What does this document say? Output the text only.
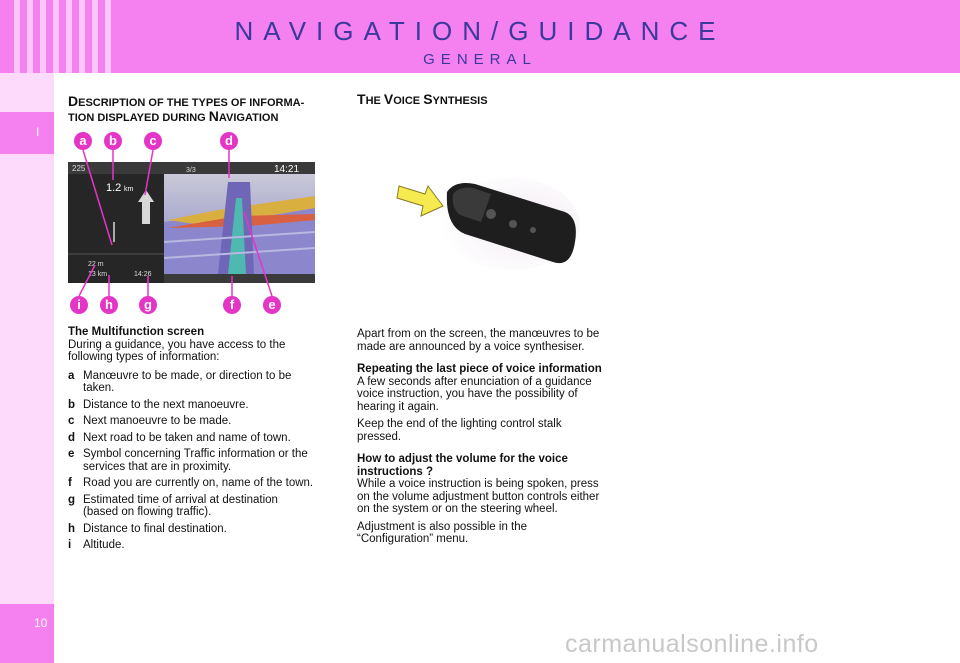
NAVIGATION/GUIDANCE
GENERAL
I
10
DESCRIPTION OF THE TYPES OF INFORMA-
TION DISPLAYED DURING NAVIGATION
a	b	c	d
225
1.2 km
14:21
3/3
22 m
13 km	14:26
i	h	g	f	e

The Multifunction screen
During a guidance, you have access to the following types of information:

a Manœuvre to be made, or direction to be taken.
b Distance to the next manoeuvre.
c Next manoeuvre to be made.
d Next road to be taken and name of town.
e Symbol concerning Traffic information or the services that are in proximity.
f Road you are currently on, name of the town.
g Estimated time of arrival at destination (based on flowing traffic).
h Distance to final destination.
i	Altitude.
THE VOICE SYNTHESIS

Apart from on the screen, the manœuvres to be made are announced by a voice synthesiser.

Repeating the last piece of voice information

A few seconds after enunciation of a guidance voice instruction, you have the possibility of hearing it again.

Keep the end of the lighting control stalk pressed.

How to adjust the volume for the voice instructions ?

While a voice instruction is being spoken, press on the volume adjustment button controls either on the system or on the steering wheel.

Adjustment is also possible in the “Configuration” menu.

carmanualsonline.info
